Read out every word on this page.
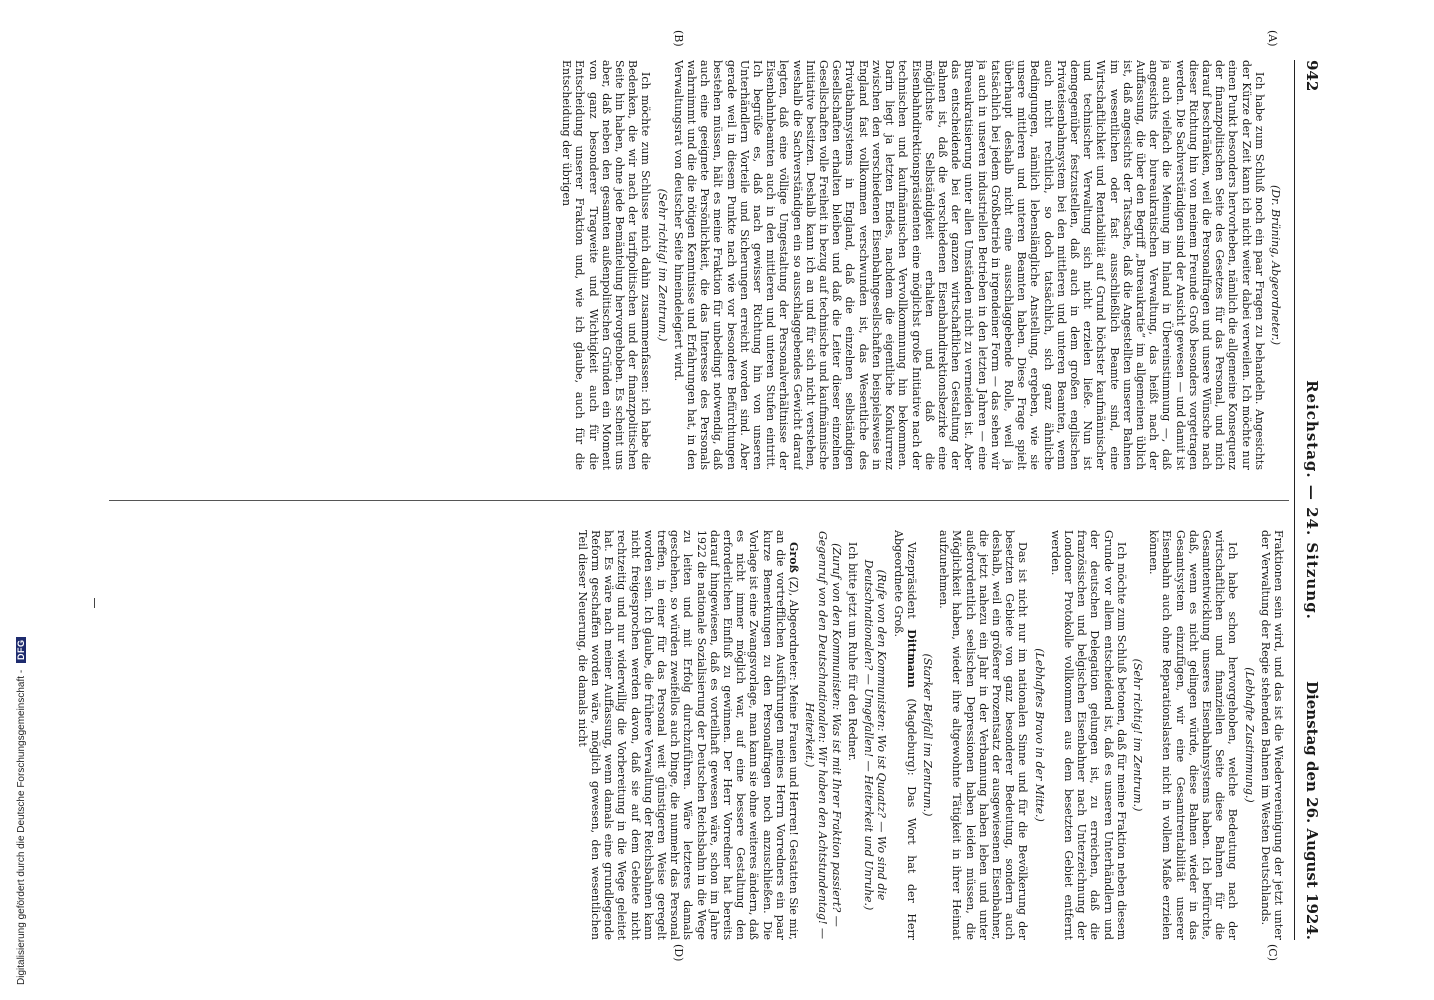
Digitalisierung gefördert durch die Deutsche Forschungsgemeinschaft - DFG
Reichstag. — 24. Sitzung.
942
Dienstag den 26. August 1924.
(A)
(B)
(C)
(D)

(Dr. Brüning, Abgeordneter.)

Ich habe zum Schluß noch ein paar Fragen zu behandeln. Angesichts der Kürze der Zeit kann ich nicht weiter dabei verweilen. Ich möchte nur einen Punkt besonders hervorheben, nämlich die allgemeine Konsequenz der finanzpolitischen Seite des Gesetzes für das Personal, und mich darauf beschränken, weil die Personalfragen und unsere Wünsche nach dieser Richtung hin von meinem Freunde Groß besonders vorgetragen werden. Die Sachverständigen sind der Ansicht gewesen — und damit ist ja auch vielfach die Meinung im Inland in Übereinstimmung —, daß angesichts der bureaukratischen Verwaltung, das heißt nach der Auffassung, die über den Begriff „Bureaukratie“ im allgemeinen üblich ist, daß angesichts der Tatsache, daß die Angestellten unserer Bahnen im wesentlichen oder fast ausschließlich Beamte sind, eine Wirtschaftlichkeit und Rentabilität auf Grund höchster kaufmännischer und technischer Verwaltung sich nicht erzielen ließe. Nun ist demgegenüber festzustellen, daß auch in dem großen englischen Privateisenbahnsystem bei den mittleren und unteren Beamten, wenn auch nicht rechtlich, so doch tatsächlich, sich ganz ähnliche Bedingungen, nämlich lebenslängliche Anstellung, ergeben, wie sie unsere mittleren und unteren Beamten haben. Diese Frage spielt überhaupt deshalb nicht eine ausschlaggebende Rolle, weil ja tatsächlich bei jedem Großbetrieb in irgendeiner Form — das sehen wir ja auch in unseren industriellen Betrieben in den letzten Jahren — eine Bureaukratisierung unter allen Umständen nicht zu vermeiden ist. Aber das entscheidende bei der ganzen wirtschaftlichen Gestaltung der Bahnen ist, daß die verschiedenen Eisenbahndirektionsbezirke eine möglichste Selbständigkeit erhalten und daß die Eisenbahndirektionspräsidenten eine möglichst große Initiative nach der technischen und kaufmännischen Vervollkommnung hin bekommen. Darin liegt ja letzten Endes, nachdem die eigentliche Konkurrenz zwischen den verschiedenen Eisenbahngesellschaften beispielsweise in England fast vollkommen verschwunden ist, das Wesentliche des Privatbahnsystems in England, daß die einzelnen selbständigen Gesellschaften erhalten bleiben und daß die Leiter dieser einzelnen Gesellschaften volle Freiheit in bezug auf technische und kaufmännische Initiative besitzen. Deshalb kann ich an und für sich nicht verstehen, weshalb die Sachverständigen ein so ausschlaggebendes Gewicht darauf legten, daß eine völlige Umgestaltung der Personalverhältnisse der Eisenbahnbeamten auch in den mittleren und unteren Stufen eintritt. Ich begrüße es, daß nach gewisser Richtung hin von unseren Unterhändlern Vorteile und Sicherungen erreicht worden sind. Aber gerade weil in diesem Punkte nach wie vor besondere Befürchtungen bestehen müssen, hält es meine Fraktion für unbedingt notwendig, daß auch eine geeignete Persönlichkeit, die das Interesse des Personals wahrnimmt und die die nötigen Kenntnisse und Erfahrungen hat, in den Verwaltungsrat von deutscher Seite hineindelegiert wird.

(Sehr richtig! im Zentrum.)

Ich möchte zum Schlusse mich dahin zusammenfassen: ich habe die Bedenken, die wir nach der tarifpolitischen und der finanzpolitischen Seite hin haben, ohne jede Bemäntelung hervorgehoben. Es scheint uns aber, daß neben den gesamten außenpolitischen Gründen ein Moment von ganz besonderer Tragweite und Wichtigkeit auch für die Entscheidung unserer Fraktion und, wie ich glaube, auch für die Entscheidung der übrigen

Fraktionen sein wird, und das ist die Wiedervereinigung der jetzt unter der Verwaltung der Regie stehenden Bahnen im Westen Deutschlands.

(Lebhafte Zustimmung.)

Ich habe schon hervorgehoben, welche Bedeutung nach der wirtschaftlichen und finanziellen Seite diese Bahnen für die Gesamtentwicklung unseres Eisenbahnsystems haben. Ich befürchte, daß, wenn es nicht gelingen würde, diese Bahnen wieder in das Gesamtsystem einzufügen, wir eine Gesamtrentabilität unserer Eisenbahn auch ohne Reparationslasten nicht in vollem Maße erzielen können.

(Sehr richtig! im Zentrum.)

Ich möchte zum Schluß betonen, daß für meine Fraktion neben diesem Grunde vor allem entscheidend ist, daß es unseren Unterhändlern und der deutschen Delegation gelungen ist, zu erreichen, daß die französischen und belgischen Eisenbahner nach Unterzeichnung der Londoner Protokolle vollkommen aus dem besetzten Gebiet entfernt werden.

(Lebhaftes Bravo in der Mitte.)

Das ist nicht nur im nationalen Sinne und für die Bevölkerung der besetzten Gebiete von ganz besonderer Bedeutung, sondern auch deshalb, weil ein größerer Prozentsatz der ausgewiesenen Eisenbahner, die jetzt nahezu ein Jahr in der Verbannung haben leben und unter außerordentlich seelischen Depressionen haben leiden müssen, die Möglichkeit haben, wieder ihre altgewohnte Tätigkeit in ihrer Heimat aufzunehmen.

(Starker Beifall im Zentrum.)

Vizepräsident Dittmann (Magdeburg): Das Wort hat der Herr Abgeordnete Groß.

(Rufe von den Kommunisten: Wo ist Quaatz? — Wo sind die Deutschnationalen? — Umgefallen! — Heiterkeit und Unruhe.)

Ich bitte jetzt um Ruhe für den Redner.

(Zuruf von den Kommunisten: Was ist mit Ihrer Fraktion passiert? — Gegenruf von den Deutschnationalen: Wir haben den Achtstundentag! — Heiterkeit.)

Groß (Z), Abgeordneter: Meine Frauen und Herren! Gestatten Sie mir, an die vortrefflichen Ausführungen meines Herrn Vorredners ein paar kurze Bemerkungen zu den Personalfragen noch anzuschließen. Die Vorlage ist eine Zwangsvorlage, man kann sie ohne weiteres ändern, daß es nicht immer möglich war, auf eine bessere Gestaltung den erforderlichen Einfluß zu gewinnen. Der Herr Vorredner hat bereits darauf hingewiesen, daß es vorteilhaft gewesen wäre, schon im Jahre 1922 die nationale Sozialisierung der Deutschen Reichsbahn in die Wege zu leiten und mit Erfolg durchzuführen. Wäre letzteres damals geschehen, so würden zweifellos auch Dinge, die nunmehr das Personal treffen, in einer für das Personal weit günstigeren Weise geregelt worden sein. Ich glaube, die frühere Verwaltung der Reichsbahnen kann nicht freigesprochen werden davon, daß sie auf dem Gebiete nicht rechtzeitig und nur widerwillig die Vorbereitung in die Wege geleitet hat. Es wäre nach meiner Auffassung, wenn damals eine grundlegende Reform geschaffen worden wäre, möglich gewesen, den wesentlichen Teil dieser Neuerung, die damals nicht
